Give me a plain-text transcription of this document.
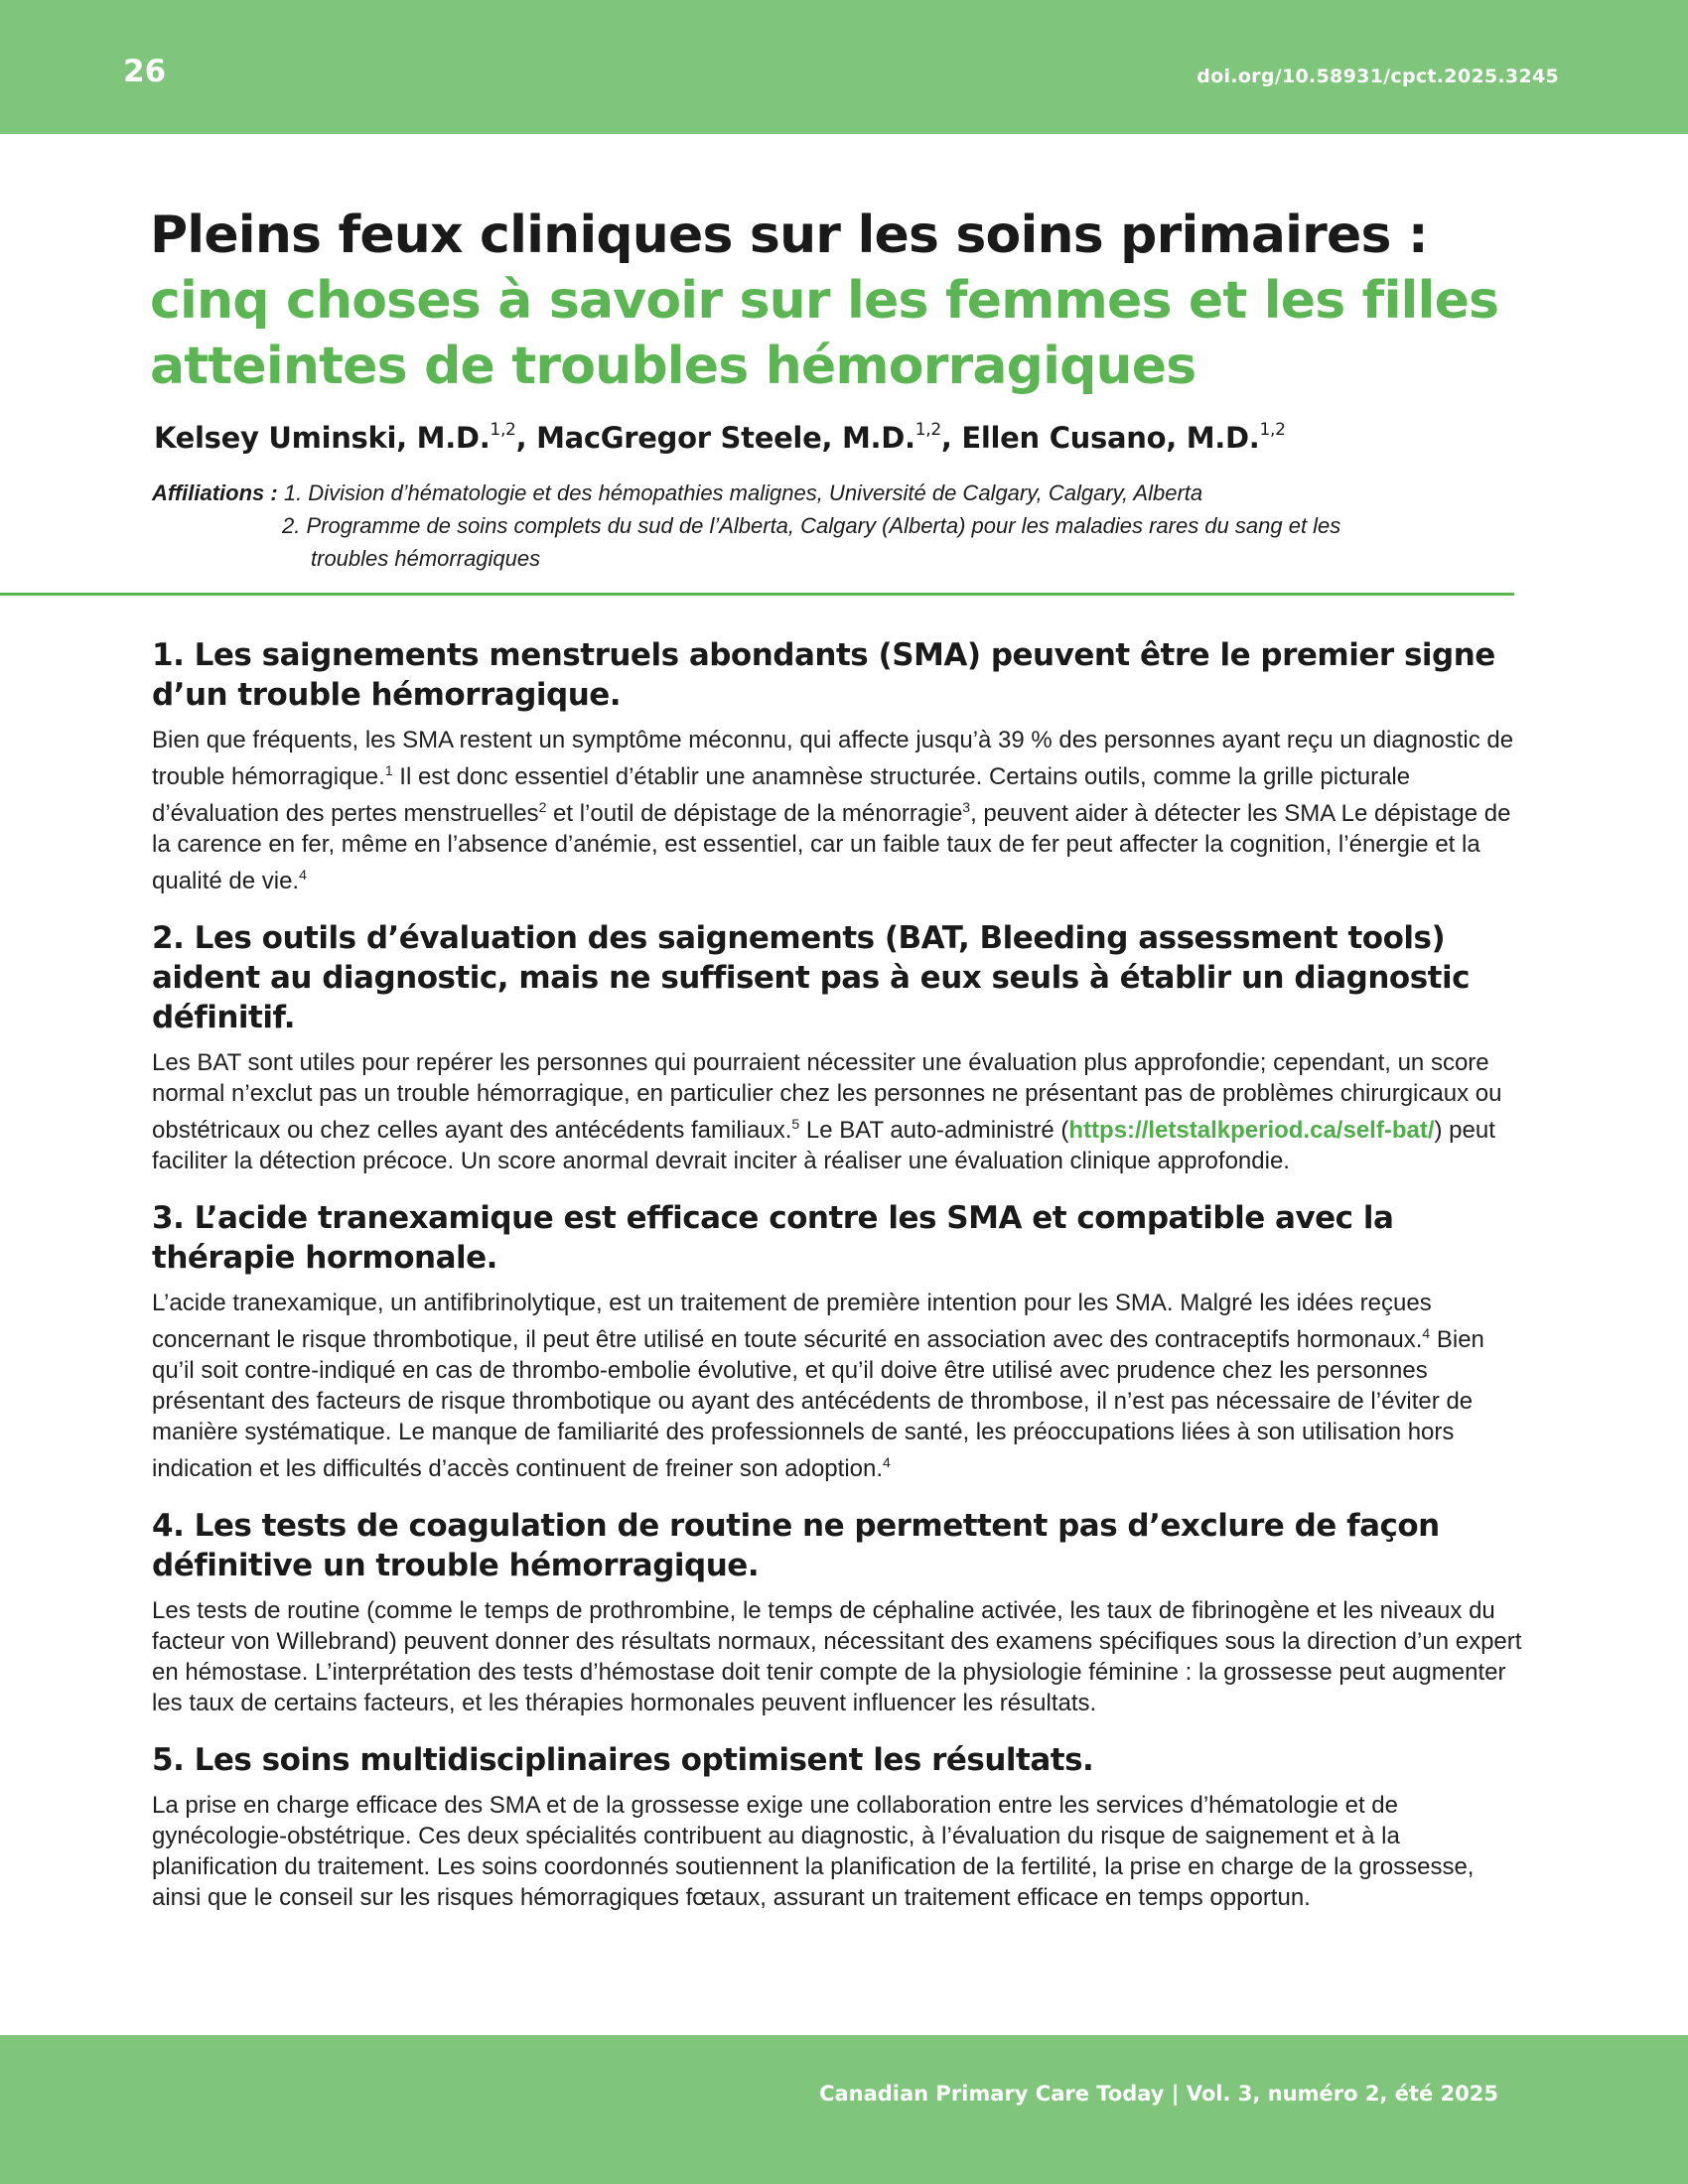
26	doi.org/10.58931/cpct.2025.3245
Pleins feux cliniques sur les soins primaires :
cinq choses à savoir sur les femmes et les filles atteintes de troubles hémorragiques
Kelsey Uminski, M.D.$^{1,2}$, MacGregor Steele, M.D.$^{1,2}$, Ellen Cusano, M.D.$^{1,2}$
Affiliations : 1. Division d’hématologie et des hémopathies malignes, Université de Calgary, Calgary, Alberta
2. Programme de soins complets du sud de l’Alberta, Calgary (Alberta) pour les maladies rares du sang et les
troubles hémorragiques
1. Les saignements menstruels abondants (SMA) peuvent être le premier signe d’un trouble hémorragique.

Bien que fréquents, les SMA restent un symptôme méconnu, qui affecte jusqu’à 39 % des personnes ayant reçu un diagnostic de trouble hémorragique.$^1$ Il est donc essentiel d’établir une anamnèse structurée. Certains outils, comme la grille picturale d’évaluation des pertes menstruelles$^2$ et l’outil de dépistage de la ménorragie$^3$, peuvent aider à détecter les SMA Le dépistage de la carence en fer, même en l’absence d’anémie, est essentiel, car un faible taux de fer peut affecter la cognition, l’énergie et la qualité de vie.$^4$

2. Les outils d’évaluation des saignements (BAT, Bleeding assessment tools) aident au diagnostic, mais ne suffisent pas à eux seuls à établir un diagnostic définitif.

Les BAT sont utiles pour repérer les personnes qui pourraient nécessiter une évaluation plus approfondie; cependant, un score normal n’exclut pas un trouble hémorragique, en particulier chez les personnes ne présentant pas de problèmes chirurgicaux ou obstétricaux ou chez celles ayant des antécédents familiaux.$^5$ Le BAT auto-administré (https://letstalkperiod.ca/self-bat/) peut faciliter la détection précoce. Un score anormal devrait inciter à réaliser une évaluation clinique approfondie.

3. L’acide tranexamique est efficace contre les SMA et compatible avec la thérapie hormonale.

L’acide tranexamique, un antifibrinolytique, est un traitement de première intention pour les SMA. Malgré les idées reçues concernant le risque thrombotique, il peut être utilisé en toute sécurité en association avec des contraceptifs hormonaux.$^4$ Bien qu’il soit contre-indiqué en cas de thrombo-embolie évolutive, et qu’il doive être utilisé avec prudence chez les personnes présentant des facteurs de risque thrombotique ou ayant des antécédents de thrombose, il n’est pas nécessaire de l’éviter de manière systématique. Le manque de familiarité des professionnels de santé, les préoccupations liées à son utilisation hors indication et les difficultés d’accès continuent de freiner son adoption.$^4$

4. Les tests de coagulation de routine ne permettent pas d’exclure de façon définitive un trouble hémorragique.

Les tests de routine (comme le temps de prothrombine, le temps de céphaline activée, les taux de fibrinogène et les niveaux du facteur von Willebrand) peuvent donner des résultats normaux, nécessitant des examens spécifiques sous la direction d’un expert en hémostase. L’interprétation des tests d’hémostase doit tenir compte de la physiologie féminine : la grossesse peut augmenter les taux de certains facteurs, et les thérapies hormonales peuvent influencer les résultats.

5. Les soins multidisciplinaires optimisent les résultats.

La prise en charge efficace des SMA et de la grossesse exige une collaboration entre les services d’hématologie et de gynécologie-obstétrique. Ces deux spécialités contribuent au diagnostic, à l’évaluation du risque de saignement et à la planification du traitement. Les soins coordonnés soutiennent la planification de la fertilité, la prise en charge de la grossesse, ainsi que le conseil sur les risques hémorragiques fœtaux, assurant un traitement efficace en temps opportun.

Canadian Primary Care Today | Vol. 3, numéro 2, été 2025
